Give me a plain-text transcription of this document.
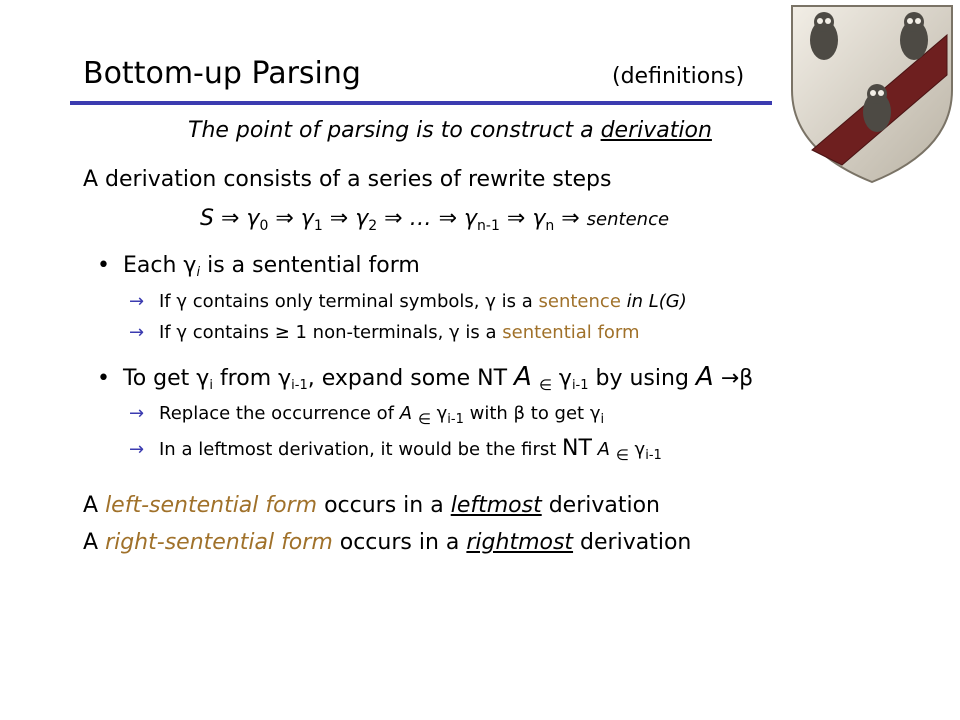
Bottom-up Parsing	(definitions)
The point of parsing is to construct a derivation
A derivation consists of a series of rewrite steps
S ⇒ $\gamma_0$ ⇒ $\gamma_1$ ⇒ $\gamma_2$ ⇒ … ⇒ $\gamma_{n-1}$ ⇒ $\gamma_n$ ⇒ sentence
• Each γi is a sentential form
→ If γ contains only terminal symbols, γ is a sentence in L(G)
→ If γ contains ≥ 1 non-terminals, γ is a sentential form
• To get γi from γi-1, expand some NT A $_\in$ γi-1 by using A →β
→ Replace the occurrence of A $_\in$ $\gamma_{i-1}$ with β to get $\gamma_i$
→ In a leftmost derivation, it would be the first NT A $_\in$ $\gamma_{i-1}$
A left-sentential form occurs in a leftmost derivation
A right-sentential form occurs in a rightmost derivation
